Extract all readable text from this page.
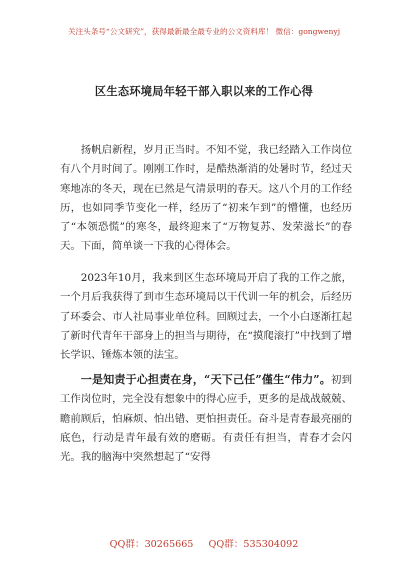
关注头条号“公文研究”，获得最新最全最专业的公文资料库！ 微信：gongwenyj
区生态环境局年轻干部入职以来的工作心得

扬帆启新程，岁月正当时。不知不觉，我已经踏入工作岗位有八个月时间了。刚刚工作时，是酷热渐消的处暑时节，经过天寒地冻的冬天，现在已然是气清景明的春天。这八个月的工作经历，也如同季节变化一样，经历了“初来乍到”的懵懂，也经历了“本领恐慌”的寒冬，最终迎来了“万物复苏、发荣滋长”的春天。下面，简单谈一下我的心得体会。

2023年10月，我来到区生态环境局开启了我的工作之旅，一个月后我获得了到市生态环境局以干代训一年的机会，后经历了环委会、市人社局事业单位科。回顾过去，一个小白逐渐扛起了新时代青年干部身上的担当与期待，在“摸爬滚打”中找到了增长学识、锤炼本领的法宝。

一是知责于心担责在身，“天下己任”僅生“伟力”。初到工作岗位时，完全没有想象中的得心应手，更多的是战战兢兢、瞻前顾后，怕麻烦、怕出错、更怕担责任。奋斗是青春最亮丽的底色，行动是青年最有效的磨砺。有责任有担当，青春才会闪光。我的脑海中突然想起了“安得

QQ群：30265665 QQ群：535304092
